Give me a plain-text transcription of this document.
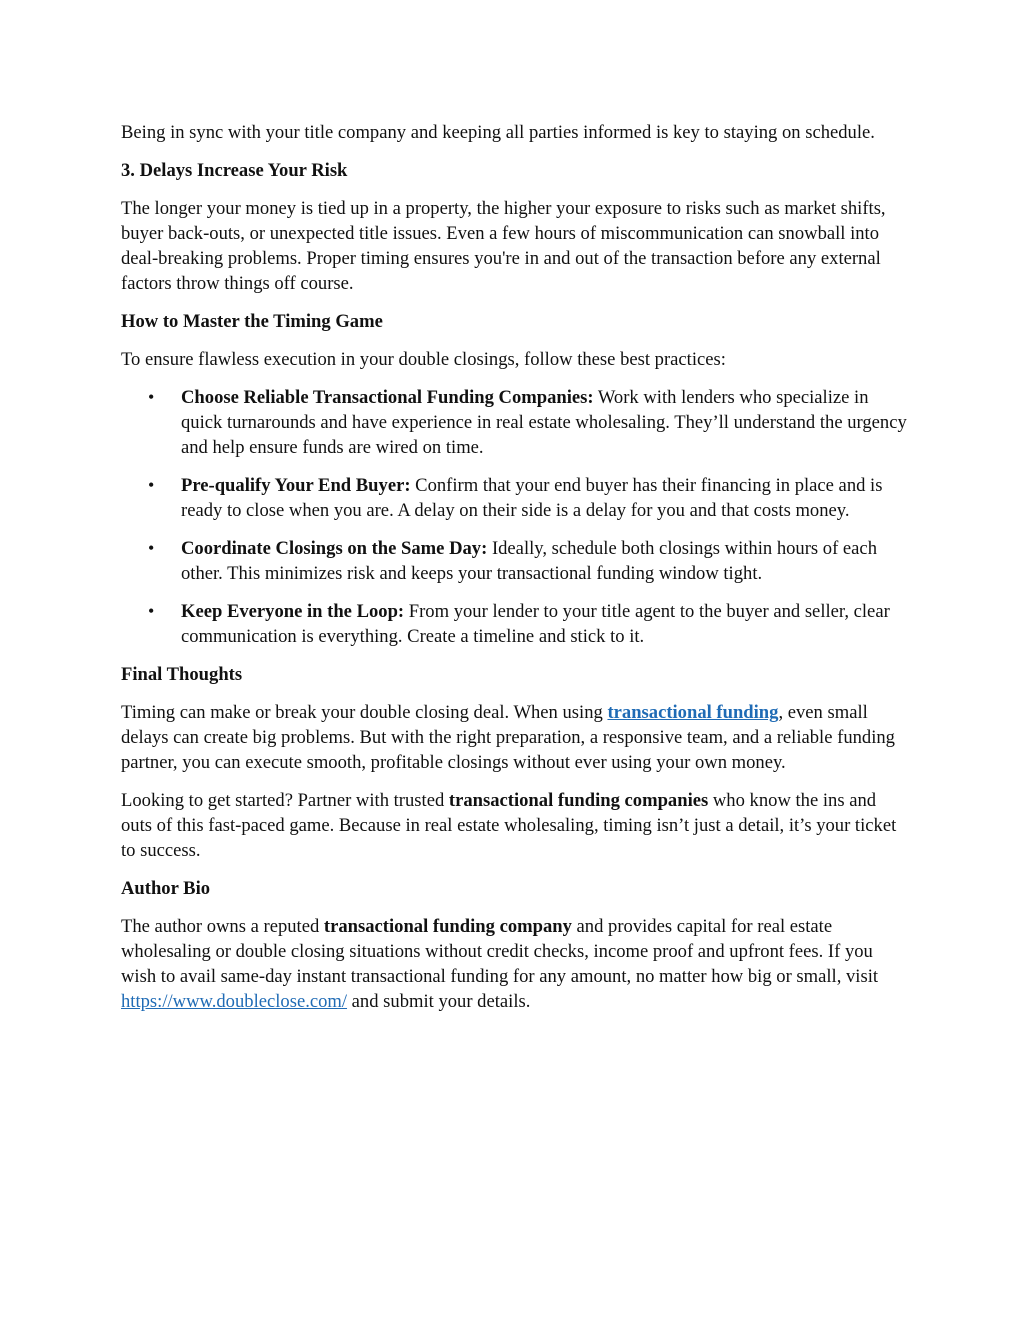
Being in sync with your title company and keeping all parties informed is key to staying on schedule.

3. Delays Increase Your Risk

The longer your money is tied up in a property, the higher your exposure to risks such as market shifts, buyer back-outs, or unexpected title issues. Even a few hours of miscommunication can snowball into deal-breaking problems. Proper timing ensures you're in and out of the transaction before any external factors throw things off course.

How to Master the Timing Game

To ensure flawless execution in your double closings, follow these best practices:

• Choose Reliable Transactional Funding Companies: Work with lenders who specialize in quick turnarounds and have experience in real estate wholesaling. They’ll understand the urgency and help ensure funds are wired on time.
• Pre-qualify Your End Buyer: Confirm that your end buyer has their financing in place and is ready to close when you are. A delay on their side is a delay for you and that costs money.
• Coordinate Closings on the Same Day: Ideally, schedule both closings within hours of each other. This minimizes risk and keeps your transactional funding window tight.
• Keep Everyone in the Loop: From your lender to your title agent to the buyer and seller, clear communication is everything. Create a timeline and stick to it.

Final Thoughts

Timing can make or break your double closing deal. When using transactional funding, even small delays can create big problems. But with the right preparation, a responsive team, and a reliable funding partner, you can execute smooth, profitable closings without ever using your own money.

Looking to get started? Partner with trusted transactional funding companies who know the ins and outs of this fast-paced game. Because in real estate wholesaling, timing isn’t just a detail, it’s your ticket to success.

Author Bio

The author owns a reputed transactional funding company and provides capital for real estate wholesaling or double closing situations without credit checks, income proof and upfront fees. If you wish to avail same-day instant transactional funding for any amount, no matter how big or small, visit https://www.doubleclose.com/ and submit your details.
